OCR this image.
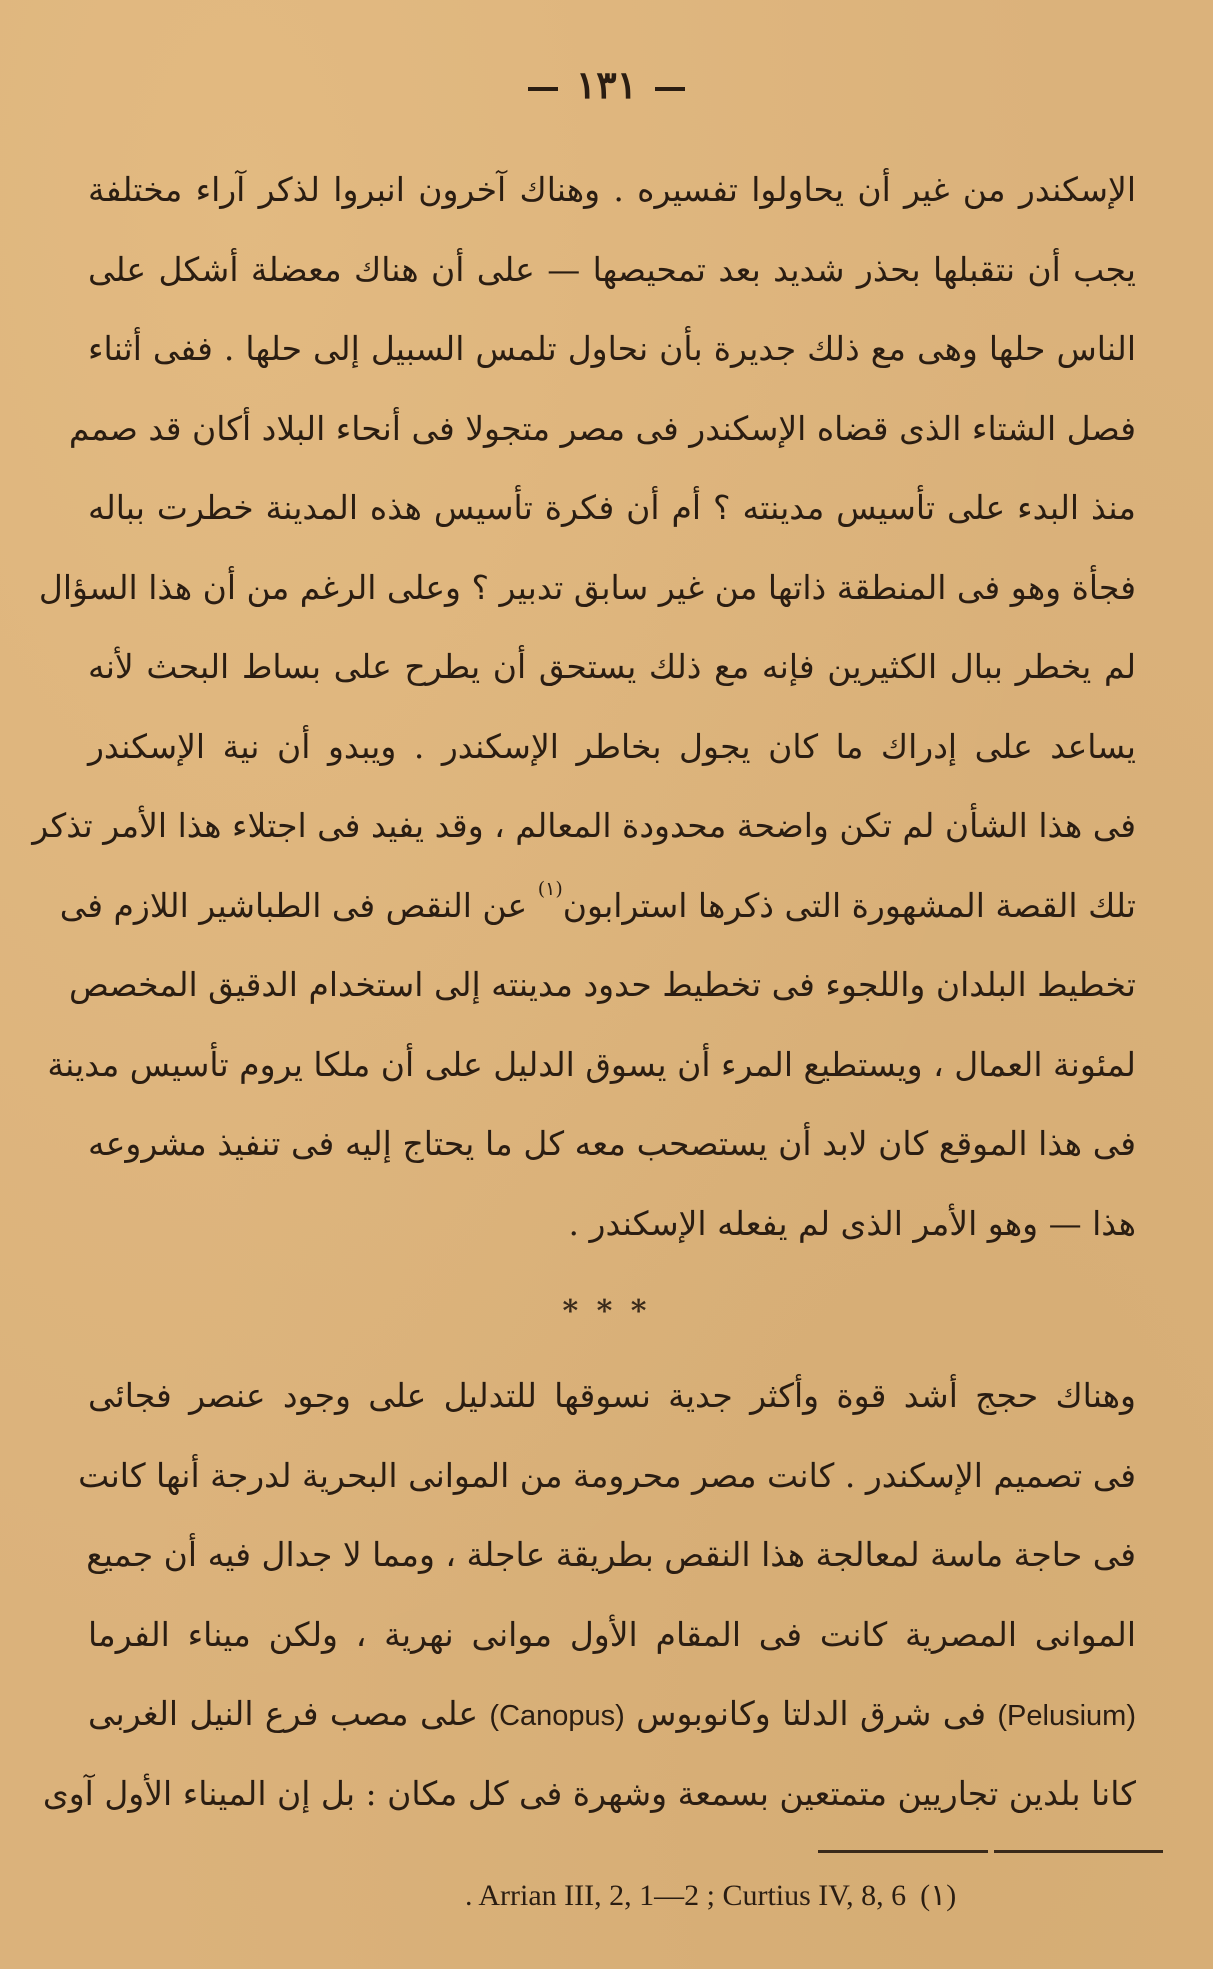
١٣١
الإسكندر من غير أن يحاولوا تفسيره . وهناك آخرون انبروا لذكر آراء مختلفة
يجب أن نتقبلها بحذر شديد بعد تمحيصها — على أن هناك معضلة أشكل على
الناس حلها وهى مع ذلك جديرة بأن نحاول تلمس السبيل إلى حلها . ففى أثناء
فصل الشتاء الذى قضاه الإسكندر فى مصر متجولا فى أنحاء البلاد أكان قد صمم
منذ البدء على تأسيس مدينته ؟ أم أن فكرة تأسيس هذه المدينة خطرت بباله
فجأة وهو فى المنطقة ذاتها من غير سابق تدبير ؟ وعلى الرغم من أن هذا السؤال
لم يخطر ببال الكثيرين فإنه مع ذلك يستحق أن يطرح على بساط البحث لأنه
يساعد على إدراك ما كان يجول بخاطر الإسكندر . ويبدو أن نية الإسكندر
فى هذا الشأن لم تكن واضحة محدودة المعالم ، وقد يفيد فى اجتلاء هذا الأمر تذكر
تلك القصة المشهورة التى ذكرها استرابون$^{(١)}$ عن النقص فى الطباشير اللازم فى
تخطيط البلدان واللجوء فى تخطيط حدود مدينته إلى استخدام الدقيق المخصص
لمئونة العمال ، ويستطيع المرء أن يسوق الدليل على أن ملكا يروم تأسيس مدينة
فى هذا الموقع كان لابد أن يستصحب معه كل ما يحتاج إليه فى تنفيذ مشروعه
هذا — وهو الأمر الذى لم يفعله الإسكندر .
* * *
وهناك حجج أشد قوة وأكثر جدية نسوقها للتدليل على وجود عنصر فجائى
فى تصميم الإسكندر . كانت مصر محرومة من الموانى البحرية لدرجة أنها كانت
فى حاجة ماسة لمعالجة هذا النقص بطريقة عاجلة ، ومما لا جدال فيه أن جميع
الموانى المصرية كانت فى المقام الأول موانى نهرية ، ولكن ميناء الفرما
(Pelusium) فى شرق الدلتا وكانوبوس (Canopus) على مصب فرع النيل الغربى
كانا بلدين تجاريين متمتعين بسمعة وشهرة فى كل مكان : بل إن الميناء الأول آوى
. Arrian III, 2, 1—2 ; Curtius IV, 8, 6 (١)
